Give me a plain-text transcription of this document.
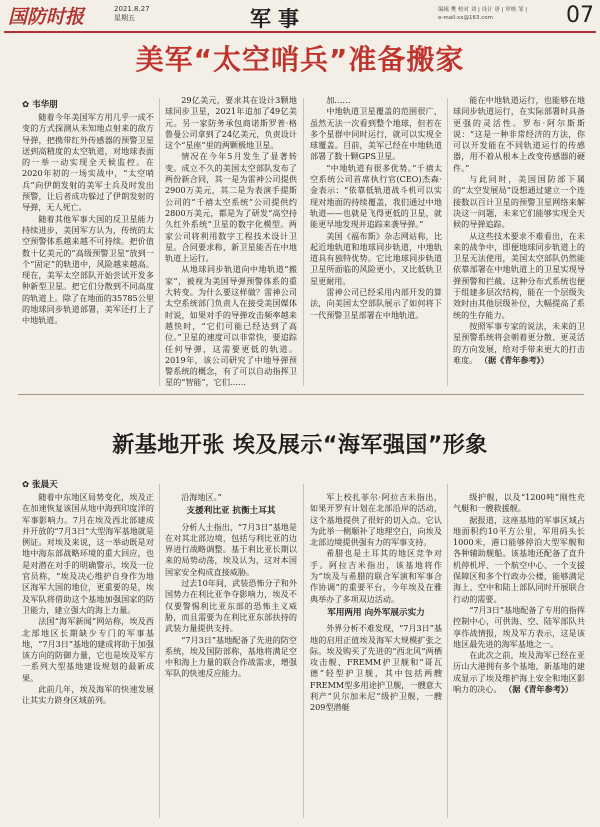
国防时报	2021.8.27
星期五	军事	编辑 樊 校对 刘 | 设计 唐 | 审核 邹 |
e-mail:xx@163.com	07
美军“太空哨兵”准备搬家
✿ 韦华朋

随着今年美国军方用几乎一成不变的方式探测从未知地点射来的敌方导弹，把携带红外传感器的预警卫星送到高精度的太空轨道，对地球表面的一举一动实现全天候监控。在2020年初的一场实战中，“太空哨兵”向伊朗发射的美军士兵及时发出预警，让后者成功躲过了伊朗发射的导弹，无人死亡。

随着其他军事大国的反卫星能力持续进步，美国军方认为，传统的太空预警体系越来越不可持续。把价值数十亿美元的“高级预警卫星”放到一个“固定”的轨道中，风险越来越高。现在，美军太空部队开始尝试开发多种新型卫星。把它们分散到不同高度的轨道上。除了在地面的35785公里的地球同步轨道部署，美军还打上了中地轨道。

29亿美元，要求其在设计3颗地球同步卫星，2021年追加了49亿美元。另一家防务承包商诺斯罗普·格鲁曼公司拿到了24亿美元，负责设计这个“星座”里的两颗极地卫星。

情况在今年5月发生了显著转变。成立不久的美国太空部队发布了两份新合同，其一是为雷神公司提供2900万美元，其二是为表演手提斯公司的“千禧太空系统”公司提供约2800万美元，都是为了研发“高空持久红外系统”卫星的数字化模型。两家公司将利用数字工程技术设计卫星。合同要求称，新卫星能否在中地轨道上运行。

从地球同步轨道向中地轨道“搬家”，被视为美国导弹预警体系的重大转变。为什么要这样做？雷神公司太空系统部门负责人在接受美国媒体时说，如果对手的导弹攻击频率越来越快时，“它们可能已经达到了高位。”卫星的速度可以非常快，要追踪任何导弹，这需要更低的轨道。2019年，该公司研究了中地导弹预警系统的概念，有了可以自动指挥卫星的“智能”，它们……

加……

中地轨道卫星覆盖的范围很广，虽然无法一次看到整个地球，但若在多个星群中同时运行，就可以实现全球覆盖。目前，美军已经在中地轨道部署了数十颗GPS卫星。

“中地轨道有很多优势。”千禧太空系统公司首席执行官(CEO)杰森·金表示：“依靠低轨道战斗机可以实现对地面的持续覆盖，我们通过中地轨道——也就是飞得更低的卫星，就能更早地发现并追踪来袭导弹。”

美国《福布斯》杂志网站称，比起近地轨道和地球同步轨道，中地轨道具有独特优势。它比地球同步轨道卫星所面临的风险更小，又比低轨卫星更耐用。

雷神公司已经采用内部开发的算法，向美国太空部队展示了如何将下一代预警卫星部署在中地轨道。

能在中地轨道运行，也能够在地球同步轨道运行，在实际部署时具备更强的灵活性。罗布·阿尔斯斯说：“这是一种非常经济的方法，你可以开发能在不同轨道运行的传感器，用不着从根本上改变传感器的硬件。”

与此同时，美国国防部下属的“太空发展局”设想通过建立一个连接数以百计卫星的预警卫星网络来解决这一问题，未来它们能够实现全天候的导弹追踪。

从这些技术要求不难看出，在未来的战争中，即便地球同步轨道上的卫星无法使用，美国太空部队仍然能依靠部署在中地轨道上的卫星实现导弹预警和拦截。这种分布式系统也便于组建多层次结构，能在一个层级失效时由其他层级补位，大幅提高了系统的生存能力。

按照军事专家的说法，未来的卫星预警系统将会朝着更分散、更灵活的方向发展，给对手带来更大的打击难度。 （据《青年参考》）

新基地开张 埃及展示“海军强国”形象
✿ 张晨天

随着中东地区局势变化，埃及正在加速恢复该国从地中海到印度洋的军事影响力。7月在埃及西北部建成并开放的“7月3日”大型海军基地就是例证。对埃及来说，这一举动既是对地中海东部战略环境的重大回应，也是对潜在对手的明确警示，埃及一位官员称，“埃及决心维护自身作为地区海军大国的地位，更重要的是，埃及军队将借助这个基地加强国家的防卫能力，建立强大的海上力量。

法国“海军新闻”网站称，埃及西北部地区长期缺少专门的军事基地，“7月3日”基地的建成将助于加强该方向的防御力量，它也是埃及军方一系列大型基地建设规划的最新成果。

此前几年，埃及海军的快速发展让其实力跻身区域前列。

沿海地区。”

支援利比亚 抗衡土耳其

分析人士指出，“7月3日”基地是在对其北部边境，包括与利比亚的边界进行战略调整。基于利比亚长期以来的局势动荡，埃及认为，这对本国国家安全构成直接威胁。

过去10年间，武装恐怖分子和外国势力在利比亚争夺影响力，埃及不仅要警惕利比亚东部的恐怖主义威胁，而且需要为在利比亚东部扶持的武装力量提供支持。

“7月3日”基地配备了先进的防空系统，埃及国防部称，基地将满足空中和海上力量的联合作战需求，增强军队的快速反应能力。

军上校扎菲尔·阿拉吉米指出，如果开罗有计划在北部沿岸的活动，这个基地提供了很好的切入点。它认为此举一侧顺补了地理空白，向埃及北部边境提供强有力的军事支持。

希腊也是土耳其的地区竞争对手。阿拉吉米指出，该基地将作为“埃及与希腊的联合军演和军事合作协调”的重要平台，今年埃及在雅典举办了多项双边活动。

军用两用 向外军展示实力

外界分析不难发现，“7月3日”基地的启用正值埃及海军大规模扩张之际。埃及购买了先进的“西北风”两栖攻击舰、FREMM护卫舰和“哥瓦德”轻型护卫舰，其中包括两艘FREMM型多用途护卫舰，一艘意大利产“贝尔加米尼”级护卫舰，一艘209型潜艇

级护舰，以及“1200吨”刚性充气艇和一艘救援舰。

据报道，这座基地的军事区域占地面积约10平方公里，军用码头长1000米，港口能够停泊大型军舰和各种辅助舰船。该基地还配备了直升机停机坪、一个航空中心、一个支援保障区和多个行政办公楼，能够满足海上、空中和陆上部队同时开展联合行动的需要。

“7月3日”基地配备了专用的指挥控制中心，可供海、空、陆军部队共享作战情报，埃及军方表示，这是该地区最先进的海军基地之一。

在此次之前，埃及海军已经在亚历山大港拥有多个基地，新基地的建成显示了埃及维护海上安全和地区影响力的决心。 （据《青年参考》）
